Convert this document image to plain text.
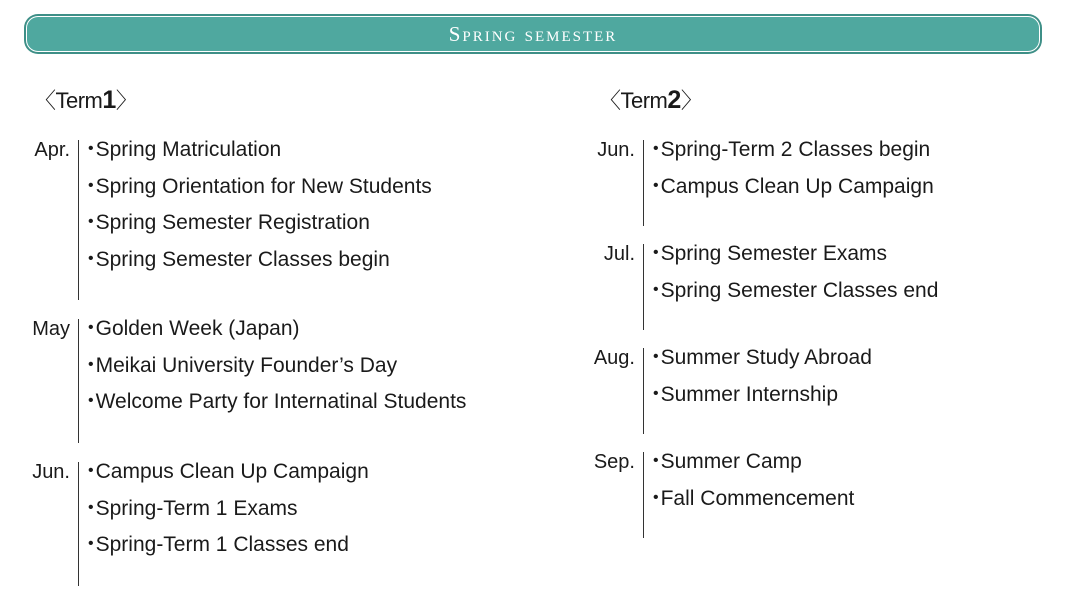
Spring semester
〈Term1〉	〈Term2〉
Apr.	• Spring Matriculation
• Spring Orientation for New Students
• Spring Semester Registration
• Spring Semester Classes begin
May	• Golden Week (Japan)
• Meikai University Founder’s Day
• Welcome Party for Internatinal Students
Jun.	• Campus Clean Up Campaign
• Spring-Term 1 Exams
• Spring-Term 1 Classes end
Jun.	• Spring-Term 2 Classes begin
• Campus Clean Up Campaign
Jul.	• Spring Semester Exams
• Spring Semester Classes end
Aug.	• Summer Study Abroad
• Summer Internship
Sep.	• Summer Camp
• Fall Commencement
